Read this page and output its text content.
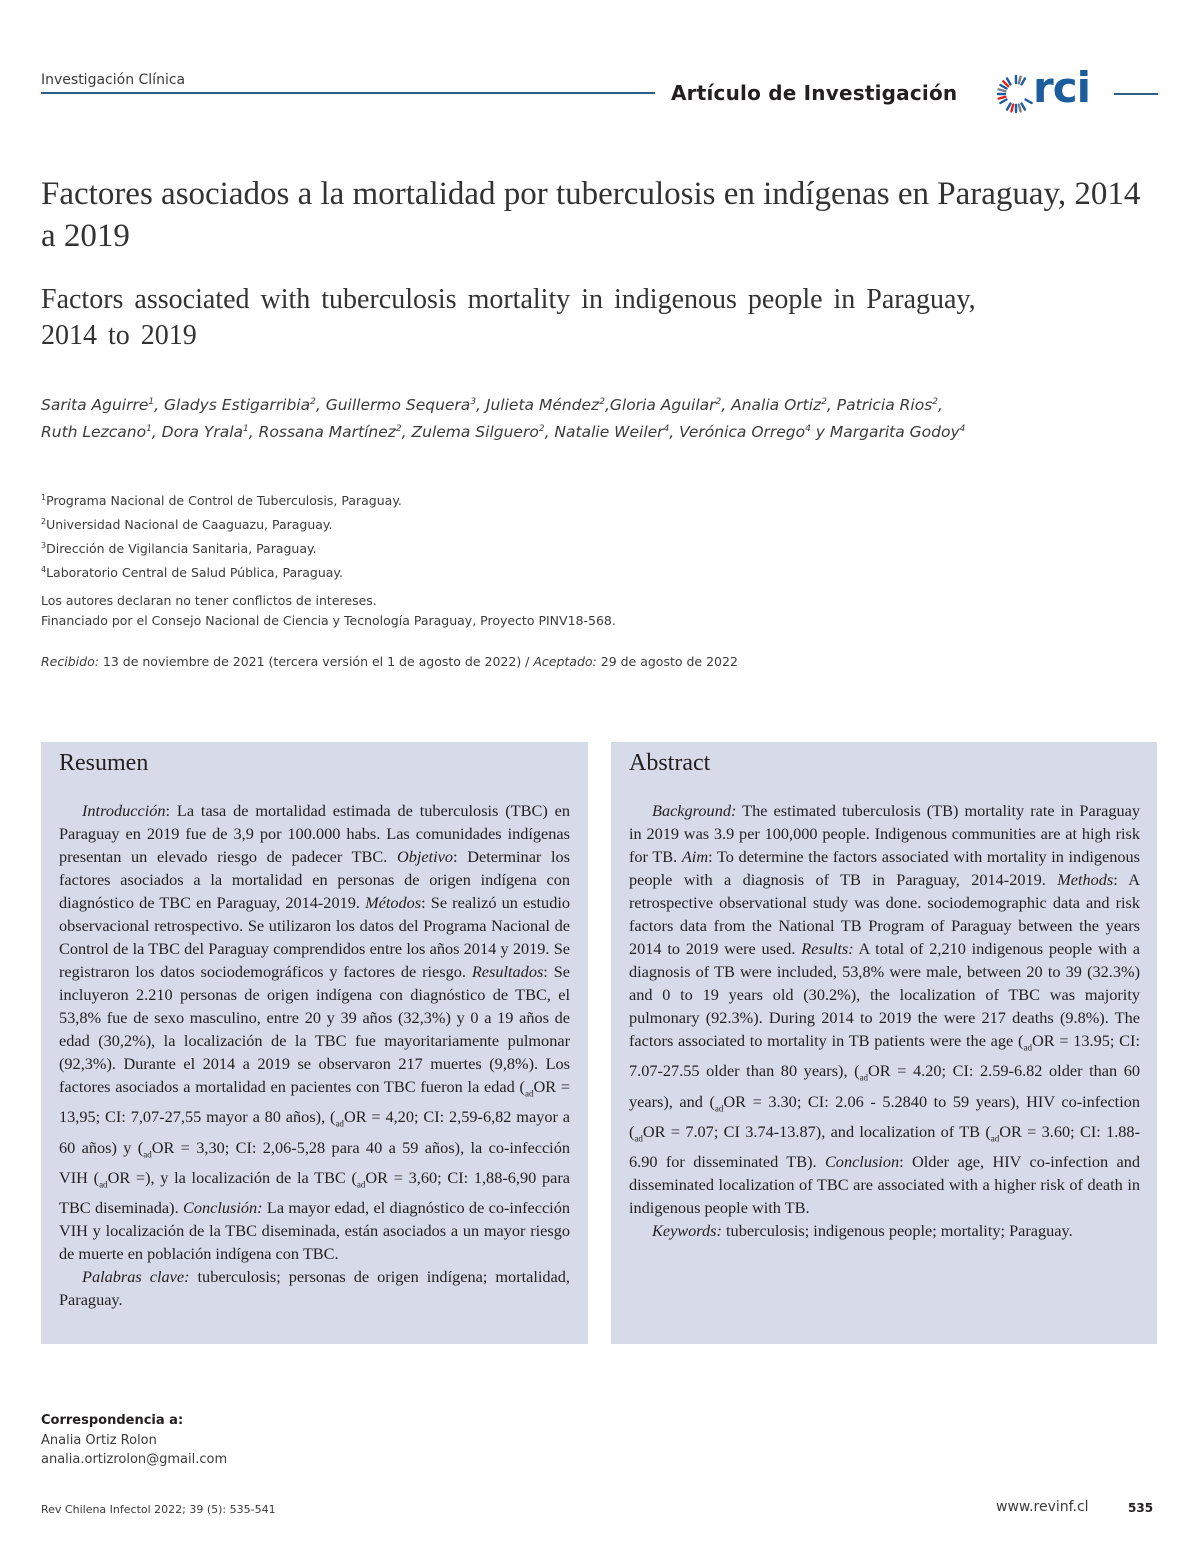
Investigación Clínica
Artículo de Investigación rci
Factores asociados a la mortalidad por tuberculosis en indígenas en Paraguay, 2014 a 2019
Factors associated with tuberculosis mortality in indigenous people in Paraguay, 2014 to 2019
Sarita Aguirre$^1$, Gladys Estigarribia$^2$, Guillermo Sequera$^3$, Julieta Méndez$^2$,Gloria Aguilar$^2$, Analia Ortiz$^2$, Patricia Rios$^2$,
Ruth Lezcano$^1$, Dora Yrala$^1$, Rossana Martínez$^2$, Zulema Silguero$^2$, Natalie Weiler$^4$, Verónica Orrego$^4$ y Margarita Godoy$^4$
$^1$Programa Nacional de Control de Tuberculosis, Paraguay.
$^2$Universidad Nacional de Caaguazu, Paraguay.
$^3$Dirección de Vigilancia Sanitaria, Paraguay.
$^4$Laboratorio Central de Salud Pública, Paraguay.
Los autores declaran no tener conflictos de intereses.
Financiado por el Consejo Nacional de Ciencia y Tecnología Paraguay, Proyecto PINV18-568.
Recibido: 13 de noviembre de 2021 (tercera versión el 1 de agosto de 2022) / Aceptado: 29 de agosto de 2022
Resumen

Introducción: La tasa de mortalidad estimada de tuberculosis (TBC) en Paraguay en 2019 fue de 3,9 por 100.000 habs. Las comunidades indígenas presentan un elevado riesgo de padecer TBC. Objetivo: Determinar los factores asociados a la mortalidad en personas de origen indígena con diagnóstico de TBC en Paraguay, 2014-2019. Métodos: Se realizó un estudio observacional retrospectivo. Se utilizaron los datos del Programa Nacional de Control de la TBC del Paraguay comprendidos entre los años 2014 y 2019. Se registraron los datos sociodemográficos y factores de riesgo. Resultados: Se incluyeron 2.210 personas de origen indígena con diagnóstico de TBC, el 53,8% fue de sexo masculino, entre 20 y 39 años (32,3%) y 0 a 19 años de edad (30,2%), la localización de la TBC fue mayoritariamente pulmonar (92,3%). Durante el 2014 a 2019 se observaron 217 muertes (9,8%). Los factores asociados a mortalidad en pacientes con TBC fueron la edad ($_{ad}OR = 13,95$; CI: 7,07-27,55 mayor a 80 años), ($_{ad}OR = 4,20$; CI: 2,59-6,82 mayor a 60 años) y ($_{ad}OR = 3,30$; CI: 2,06-5,28 para 40 a 59 años), la co-infección VIH ($_{ad}OR$ =), y la localización de la TBC ($_{ad}OR = 3,60$; CI: 1,88-6,90 para TBC diseminada). Conclusión: La mayor edad, el diagnóstico de co-infección VIH y localización de la TBC diseminada, están asociados a un mayor riesgo de muerte en población indígena con TBC.

Palabras clave: tuberculosis; personas de origen indígena; mortalidad, Paraguay.

Abstract

Background: The estimated tuberculosis (TB) mortality rate in Paraguay in 2019 was 3.9 per 100,000 people. Indigenous communities are at high risk for TB. Aim: To determine the factors associated with mortality in indigenous people with a diagnosis of TB in Paraguay, 2014-2019. Methods: A retrospective observational study was done. sociodemographic data and risk factors data from the National TB Program of Paraguay between the years 2014 to 2019 were used. Results: A total of 2,210 indigenous people with a diagnosis of TB were included, 53,8% were male, between 20 to 39 (32.3%) and 0 to 19 years old (30.2%), the localization of TBC was majority pulmonary (92.3%). During 2014 to 2019 the were 217 deaths (9.8%). The factors associated to mortality in TB patients were the age ($_{ad}OR = 13.95$; CI: 7.07-27.55 older than 80 years), ($_{ad}OR = 4.20$; CI: 2.59-6.82 older than 60 years), and ($_{ad}OR = 3.30$; CI: 2.06 - 5.2840 to 59 years), HIV co-infection ($_{ad}OR = 7.07$; CI 3.74-13.87), and localization of TB ($_{ad}OR = 3.60$; CI: 1.88-6.90 for disseminated TB). Conclusion: Older age, HIV co-infection and disseminated localization of TBC are associated with a higher risk of death in indigenous people with TB.

Keywords: tuberculosis; indigenous people; mortality; Paraguay.

Correspondencia a:
Analia Ortiz Rolon
analia.ortizrolon@gmail.com
Rev Chilena Infectol 2022; 39 (5): 535-541	www.revinf.cl	535
